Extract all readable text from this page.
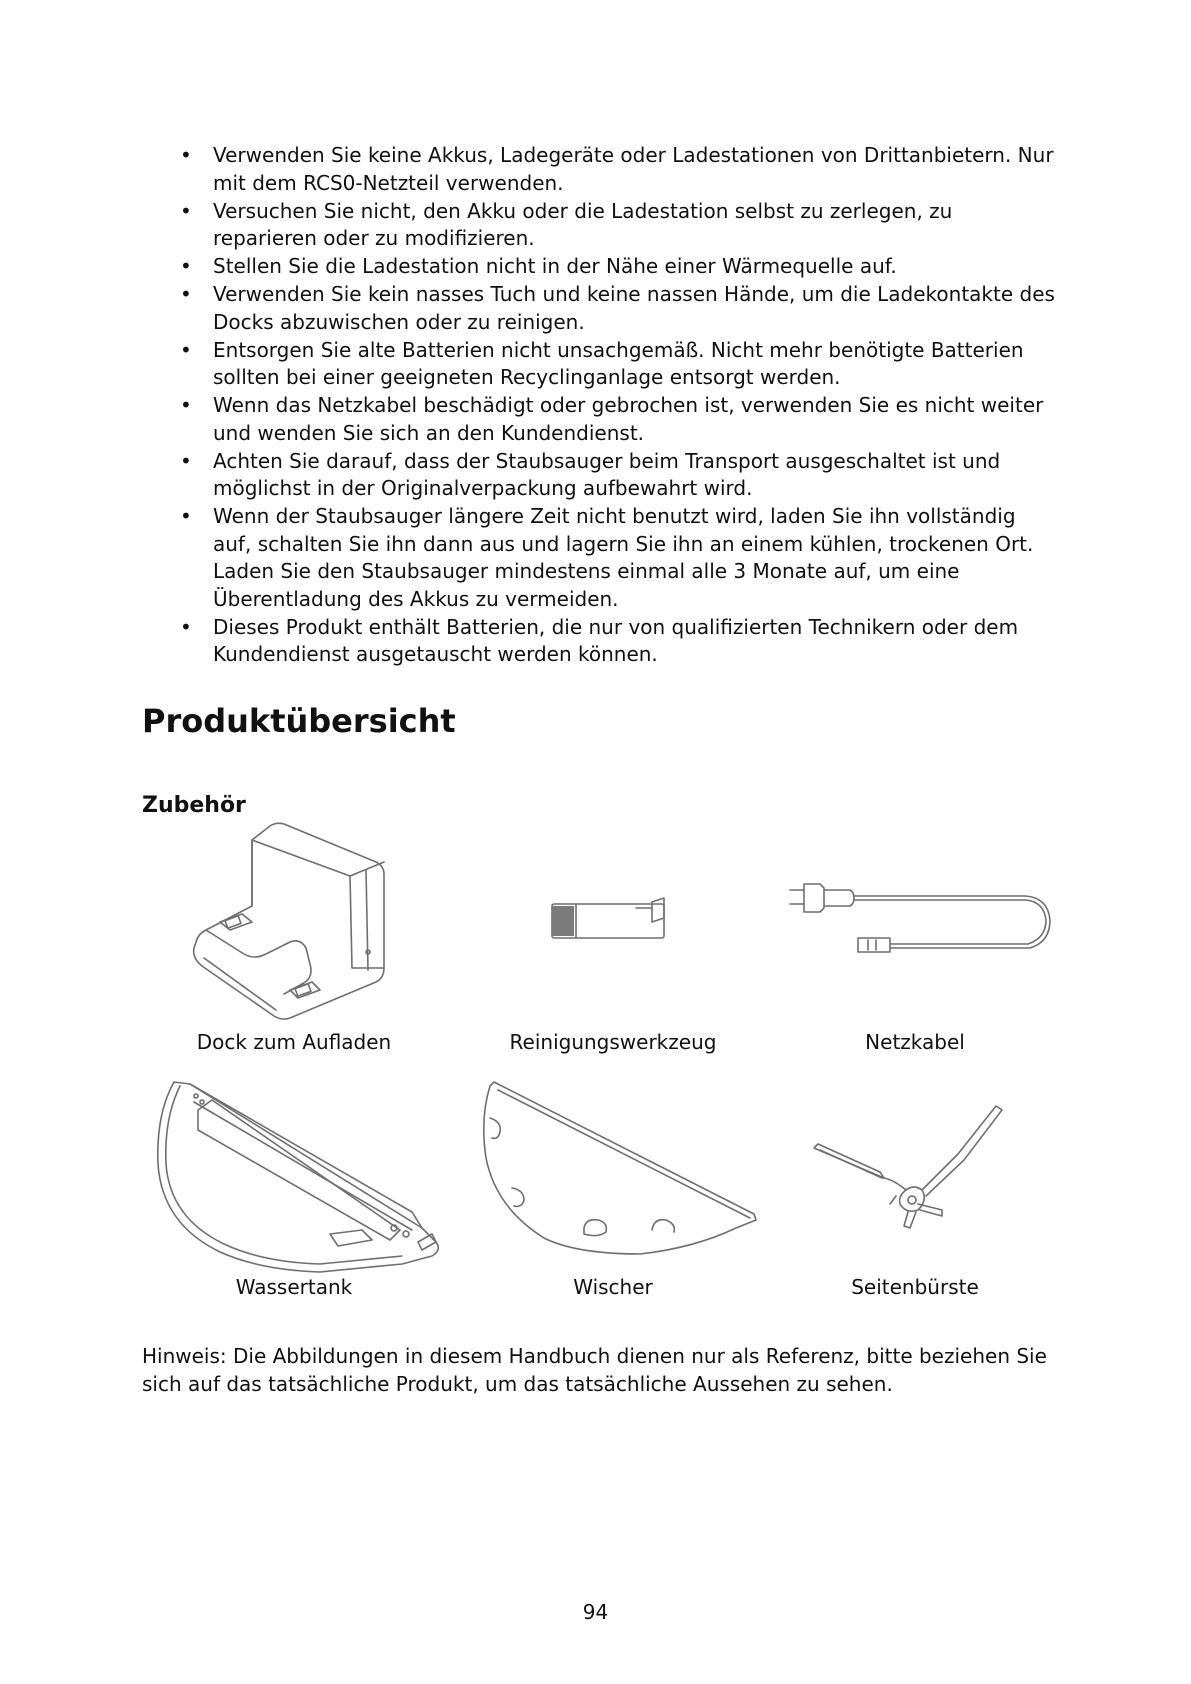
• Verwenden Sie keine Akkus, Ladegeräte oder Ladestationen von Drittanbietern. Nur mit dem RCS0-Netzteil verwenden.
• Versuchen Sie nicht, den Akku oder die Ladestation selbst zu zerlegen, zu reparieren oder zu modifizieren.
• Stellen Sie die Ladestation nicht in der Nähe einer Wärmequelle auf.
• Verwenden Sie kein nasses Tuch und keine nassen Hände, um die Ladekontakte des Docks abzuwischen oder zu reinigen.
• Entsorgen Sie alte Batterien nicht unsachgemäß. Nicht mehr benötigte Batterien sollten bei einer geeigneten Recyclinganlage entsorgt werden.
• Wenn das Netzkabel beschädigt oder gebrochen ist, verwenden Sie es nicht weiter und wenden Sie sich an den Kundendienst.
• Achten Sie darauf, dass der Staubsauger beim Transport ausgeschaltet ist und möglichst in der Originalverpackung aufbewahrt wird.
• Wenn der Staubsauger längere Zeit nicht benutzt wird, laden Sie ihn vollständig auf, schalten Sie ihn dann aus und lagern Sie ihn an einem kühlen, trockenen Ort. Laden Sie den Staubsauger mindestens einmal alle 3 Monate auf, um eine Überentladung des Akkus zu vermeiden.
• Dieses Produkt enthält Batterien, die nur von qualifizierten Technikern oder dem Kundendienst ausgetauscht werden können.
Produktübersicht
Zubehör
Dock zum Aufladen	Reinigungswerkzeug	Netzkabel
Wassertank	Wischer	Seitenbürste

Hinweis: Die Abbildungen in diesem Handbuch dienen nur als Referenz, bitte beziehen Sie sich auf das tatsächliche Produkt, um das tatsächliche Aussehen zu sehen.

94
